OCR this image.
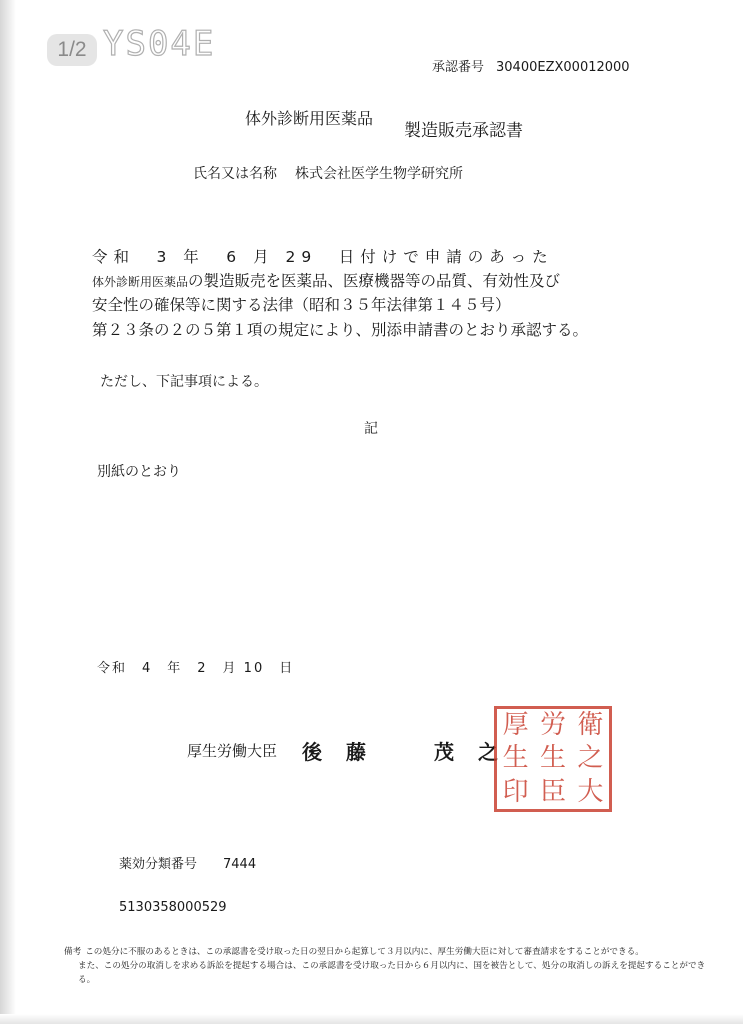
1/2 YS04E
承認番号 30400EZX00012000
体外診断用医薬品
製造販売承認書
氏名又は名称 株式会社医学生物学研究所
令和　3 年　6 月 29　日付けで申請のあった
体外診断用医薬品の製造販売を医薬品、医療機器等の品質、有効性及び
安全性の確保等に関する法律（昭和３５年法律第１４５号）
第２３条の２の５第１項の規定により、別添申請書のとおり承認する。
ただし、下記事項による。
記
別紙のとおり
令和　4　年　2　月 10　日
厚生労働大臣 後　藤　　　茂　之
厚 労 衛
生 生 之
印 臣 大
薬効分類番号 7444
5130358000529

備考 この処分に不服のあるときは、この承認書を受け取った日の翌日から起算して３月以内に、厚生労働大臣に対して審査請求をすることができる。

また、この処分の取消しを求める訴訟を提起する場合は、この承認書を受け取った日から６月以内に、国を被告として、処分の取消しの訴えを提起することができる。
